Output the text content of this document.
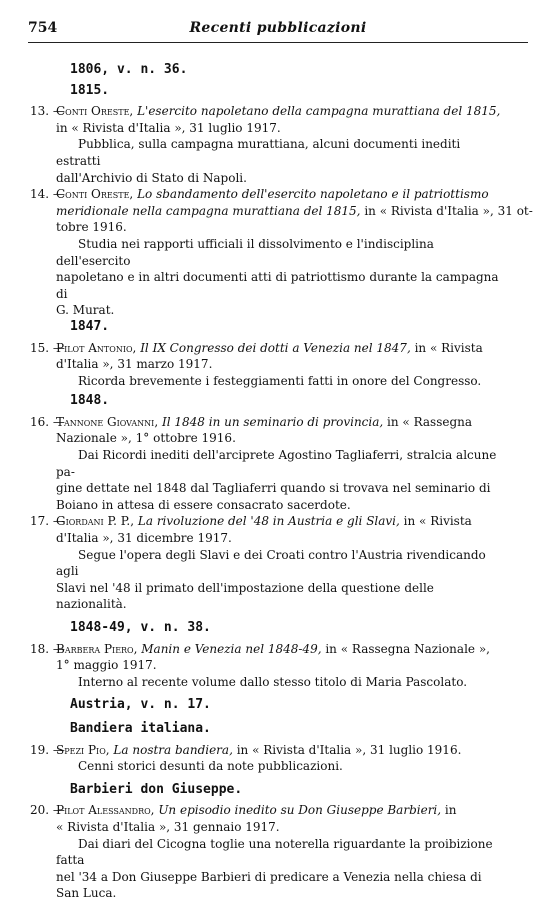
754	Recenti pubblicazioni
1806, v. n. 36.
1815.
13. —Conti Oreste, L'esercito napoletano della campagna murattiana del 1815,
in « Rivista d'Italia », 31 luglio 1917.
Pubblica, sulla campagna murattiana, alcuni documenti inediti estratti
dall'Archivio di Stato di Napoli.
14. —Conti Oreste, Lo sbandamento dell'esercito napoletano e il patriottismo
meridionale nella campagna murattiana del 1815, in « Rivista d'Italia », 31 ot-
tobre 1916.
Studia nei rapporti ufficiali il dissolvimento e l'indisciplina dell'esercito
napoletano e in altri documenti atti di patriottismo durante la campagna di
G. Murat.
1847.
15. —Pilot Antonio, Il IX Congresso dei dotti a Venezia nel 1847, in « Rivista
d'Italia », 31 marzo 1917.
Ricorda brevemente i festeggiamenti fatti in onore del Congresso.
1848.
16. —Tannone Giovanni, Il 1848 in un seminario di provincia, in « Rassegna
Nazionale », 1° ottobre 1916.
Dai Ricordi inediti dell'arciprete Agostino Tagliaferri, stralcia alcune pa-
gine dettate nel 1848 dal Tagliaferri quando si trovava nel seminario di
Boiano in attesa di essere consacrato sacerdote.
17. —Giordani P. P., La rivoluzione del '48 in Austria e gli Slavi, in « Rivista
d'Italia », 31 dicembre 1917.
Segue l'opera degli Slavi e dei Croati contro l'Austria rivendicando agli
Slavi nel '48 il primato dell'impostazione della questione delle nazionalità.
1848-49, v. n. 38.
18. —Barbera Piero, Manin e Venezia nel 1848-49, in « Rassegna Nazionale »,
1° maggio 1917.
Interno al recente volume dallo stesso titolo di Maria Pascolato.
Austria, v. n. 17.
Bandiera italiana.
19. —Spezi Pio, La nostra bandiera, in « Rivista d'Italia », 31 luglio 1916.
Cenni storici desunti da note pubblicazioni.
Barbieri don Giuseppe.
20. —Pilot Alessandro, Un episodio inedito su Don Giuseppe Barbieri, in
« Rivista d'Italia », 31 gennaio 1917.
Dai diari del Cicogna toglie una noterella riguardante la proibizione fatta
nel '34 a Don Giuseppe Barbieri di predicare a Venezia nella chiesa di
San Luca.
